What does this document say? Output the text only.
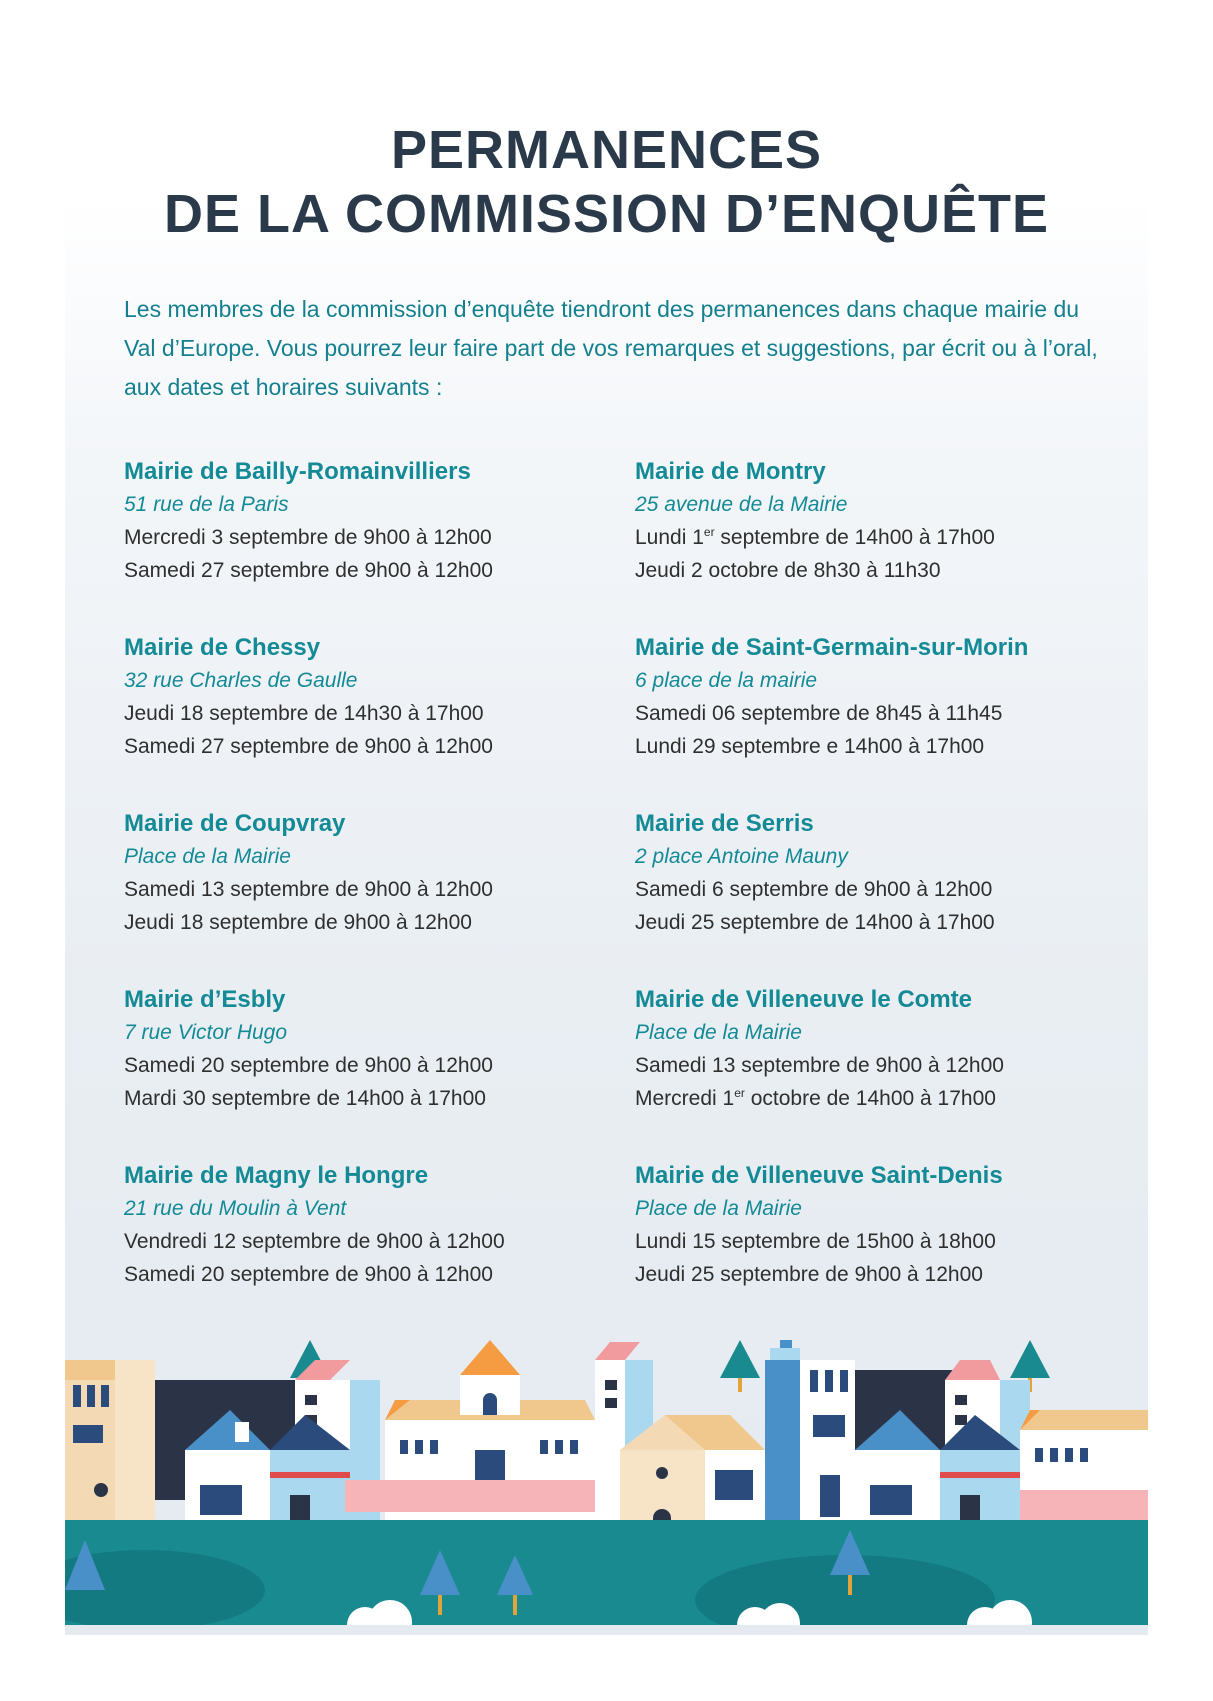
PERMANENCES
DE LA COMMISSION D’ENQUÊTE
Les membres de la commission d’enquête tiendront des permanences dans chaque mairie du Val d’Europe. Vous pourrez leur faire part de vos remarques et suggestions, par écrit ou à l’oral, aux dates et horaires suivants :
Mairie de Bailly-Romainvilliers
51 rue de la Paris
Mercredi 3 septembre de 9h00 à 12h00
Samedi 27 septembre de 9h00 à 12h00
Mairie de Chessy
32 rue Charles de Gaulle
Jeudi 18 septembre de 14h30 à 17h00
Samedi 27 septembre de 9h00 à 12h00
Mairie de Coupvray
Place de la Mairie
Samedi 13 septembre de 9h00 à 12h00
Jeudi 18 septembre de 9h00 à 12h00
Mairie d’Esbly
7 rue Victor Hugo
Samedi 20 septembre de 9h00 à 12h00
Mardi 30 septembre de 14h00 à 17h00
Mairie de Magny le Hongre
21 rue du Moulin à Vent
Vendredi 12 septembre de 9h00 à 12h00
Samedi 20 septembre de 9h00 à 12h00
Mairie de Montry
25 avenue de la Mairie
Lundi 1er septembre de 14h00 à 17h00
Jeudi 2 octobre de 8h30 à 11h30
Mairie de Saint-Germain-sur-Morin
6 place de la mairie
Samedi 06 septembre de 8h45 à 11h45
Lundi 29 septembre e 14h00 à 17h00
Mairie de Serris
2 place Antoine Mauny
Samedi 6 septembre de 9h00 à 12h00
Jeudi 25 septembre de 14h00 à 17h00
Mairie de Villeneuve le Comte
Place de la Mairie
Samedi 13 septembre de 9h00 à 12h00
Mercredi 1er octobre de 14h00 à 17h00
Mairie de Villeneuve Saint-Denis
Place de la Mairie
Lundi 15 septembre de 15h00 à 18h00
Jeudi 25 septembre de 9h00 à 12h00
